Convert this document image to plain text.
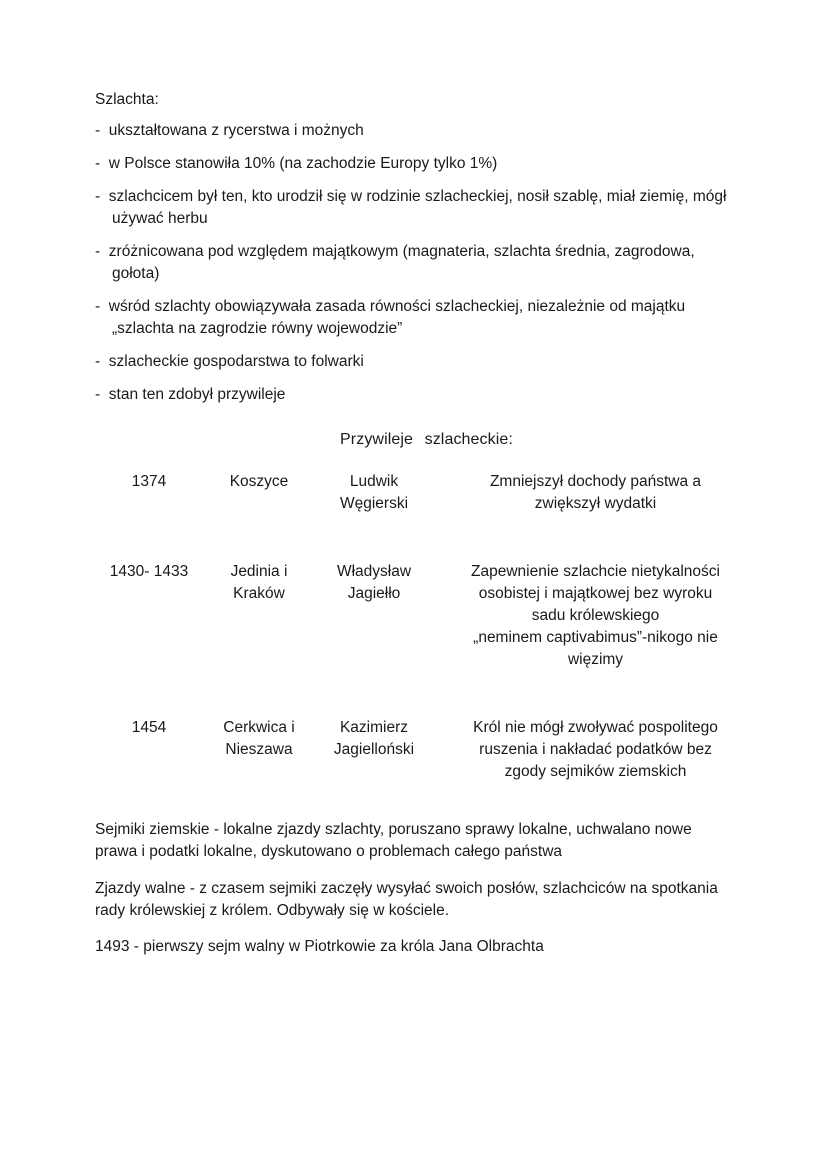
Szlachta:

- ukształtowana z rycerstwa i możnych

- w Polsce stanowiła 10% (na zachodzie Europy tylko 1%)

- szlachcicem był ten, kto urodził się w rodzinie szlacheckiej, nosił szablę, miał ziemię, mógł używać herbu

- zróżnicowana pod względem majątkowym (magnateria, szlachta średnia, zagrodowa, gołota)

- wśród szlachty obowiązywała zasada równości szlacheckiej, niezależnie od majątku „szlachta na zagrodzie równy wojewodzie”

- szlacheckie gospodarstwa to folwarki

- stan ten zdobył przywileje

Przywileje szlacheckie:

1374	Koszyce	Ludwik Węgierski	Zmniejszył dochody państwa a
zwiększył wydatki

1430- 1433	Jedinia i Kraków	Władysław Jagiełło	Zapewnienie szlachcie nietykalności
osobistej i majątkowej bez wyroku
sadu królewskiego
„neminem captivabimus”-nikogo nie
więzimy

1454	Cerkwica i Nieszawa	Kazimierz Jagielloński	Król nie mógł zwoływać pospolitego
ruszenia i nakładać podatków bez
zgody sejmików ziemskich

Sejmiki ziemskie - lokalne zjazdy szlachty, poruszano sprawy lokalne, uchwalano nowe prawa i podatki lokalne, dyskutowano o problemach całego państwa

Zjazdy walne - z czasem sejmiki zaczęły wysyłać swoich posłów, szlachciców na spotkania rady królewskiej z królem. Odbywały się w kościele.

1493 - pierwszy sejm walny w Piotrkowie za króla Jana Olbrachta
